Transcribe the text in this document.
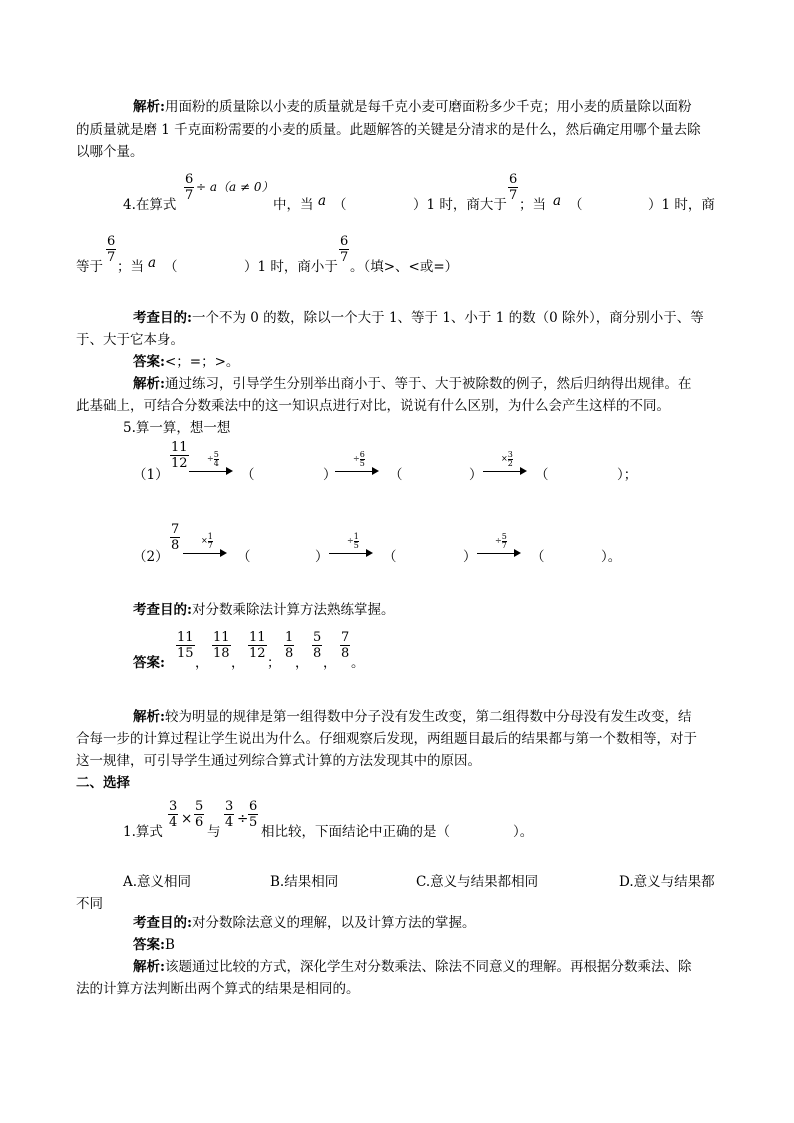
解析:用面粉的质量除以小麦的质量就是每千克小麦可磨面粉多少千克；用小麦的质量除以面粉
的质量就是磨 1 千克面粉需要的小麦的质量。此题解答的关键是分清求的是什么，然后确定用哪个量去除
以哪个量。
4.在算式
$\frac{6}{7} \div a(a \ne 0)$
中，当 a （	）1 时，商大于
$\frac{6}{7}$
；当 a （	）1 时，商
等于
$\frac{6}{7}$
；当 a （	）1 时，商小于
$\frac{6}{7}$
。（填>、<或=）
考查目的:一个不为 0 的数，除以一个大于 1、等于 1、小于 1 的数（0 除外），商分别小于、等
于、大于它本身。
答案:<；=；>。
解析:通过练习，引导学生分别举出商小于、等于、大于被除数的例子，然后归纳得出规律。在
此基础上，可结合分数乘法中的这一知识点进行对比，说说有什么区别，为什么会产生这样的不同。
5.算一算，想一想
（1）
$\frac{11}{12} \div \frac{5}{4}$
（	）
÷ $\frac{6}{5}$
（	）
× $\frac{3}{2}$
（	）；
（2）
$\frac{7}{8}$	× $\frac{1}{7}$
（	）
÷ $\frac{1}{5}$
（	）
÷ $\frac{5}{7}$
（	）。
考查目的:对分数乘除法计算方法熟练掌握。
答案:
$\frac{11}{15}$
，
$\frac{11}{18}$
，
$\frac{11}{12}$
；
$\frac{1}{8}$
，
$\frac{5}{8}$
，
$\frac{7}{8}$
。
解析:较为明显的规律是第一组得数中分子没有发生改变，第二组得数中分母没有发生改变，结
合每一步的计算过程让学生说出为什么。仔细观察后发现，两组题目最后的结果都与第一个数相等，对于
这一规律，可引导学生通过列综合算式计算的方法发现其中的原因。
二、选择
1.算式
$\frac{3}{4} \times \frac{5}{6}$
与
$\frac{3}{4} \div \frac{6}{5}$
相比较，下面结论中正确的是（	）。
A.意义相同	B.结果相同	C.意义与结果都相同	D.意义与结果都
不同
考查目的:对分数除法意义的理解，以及计算方法的掌握。
答案:B
解析:该题通过比较的方式，深化学生对分数乘法、除法不同意义的理解。再根据分数乘法、除
法的计算方法判断出两个算式的结果是相同的。
